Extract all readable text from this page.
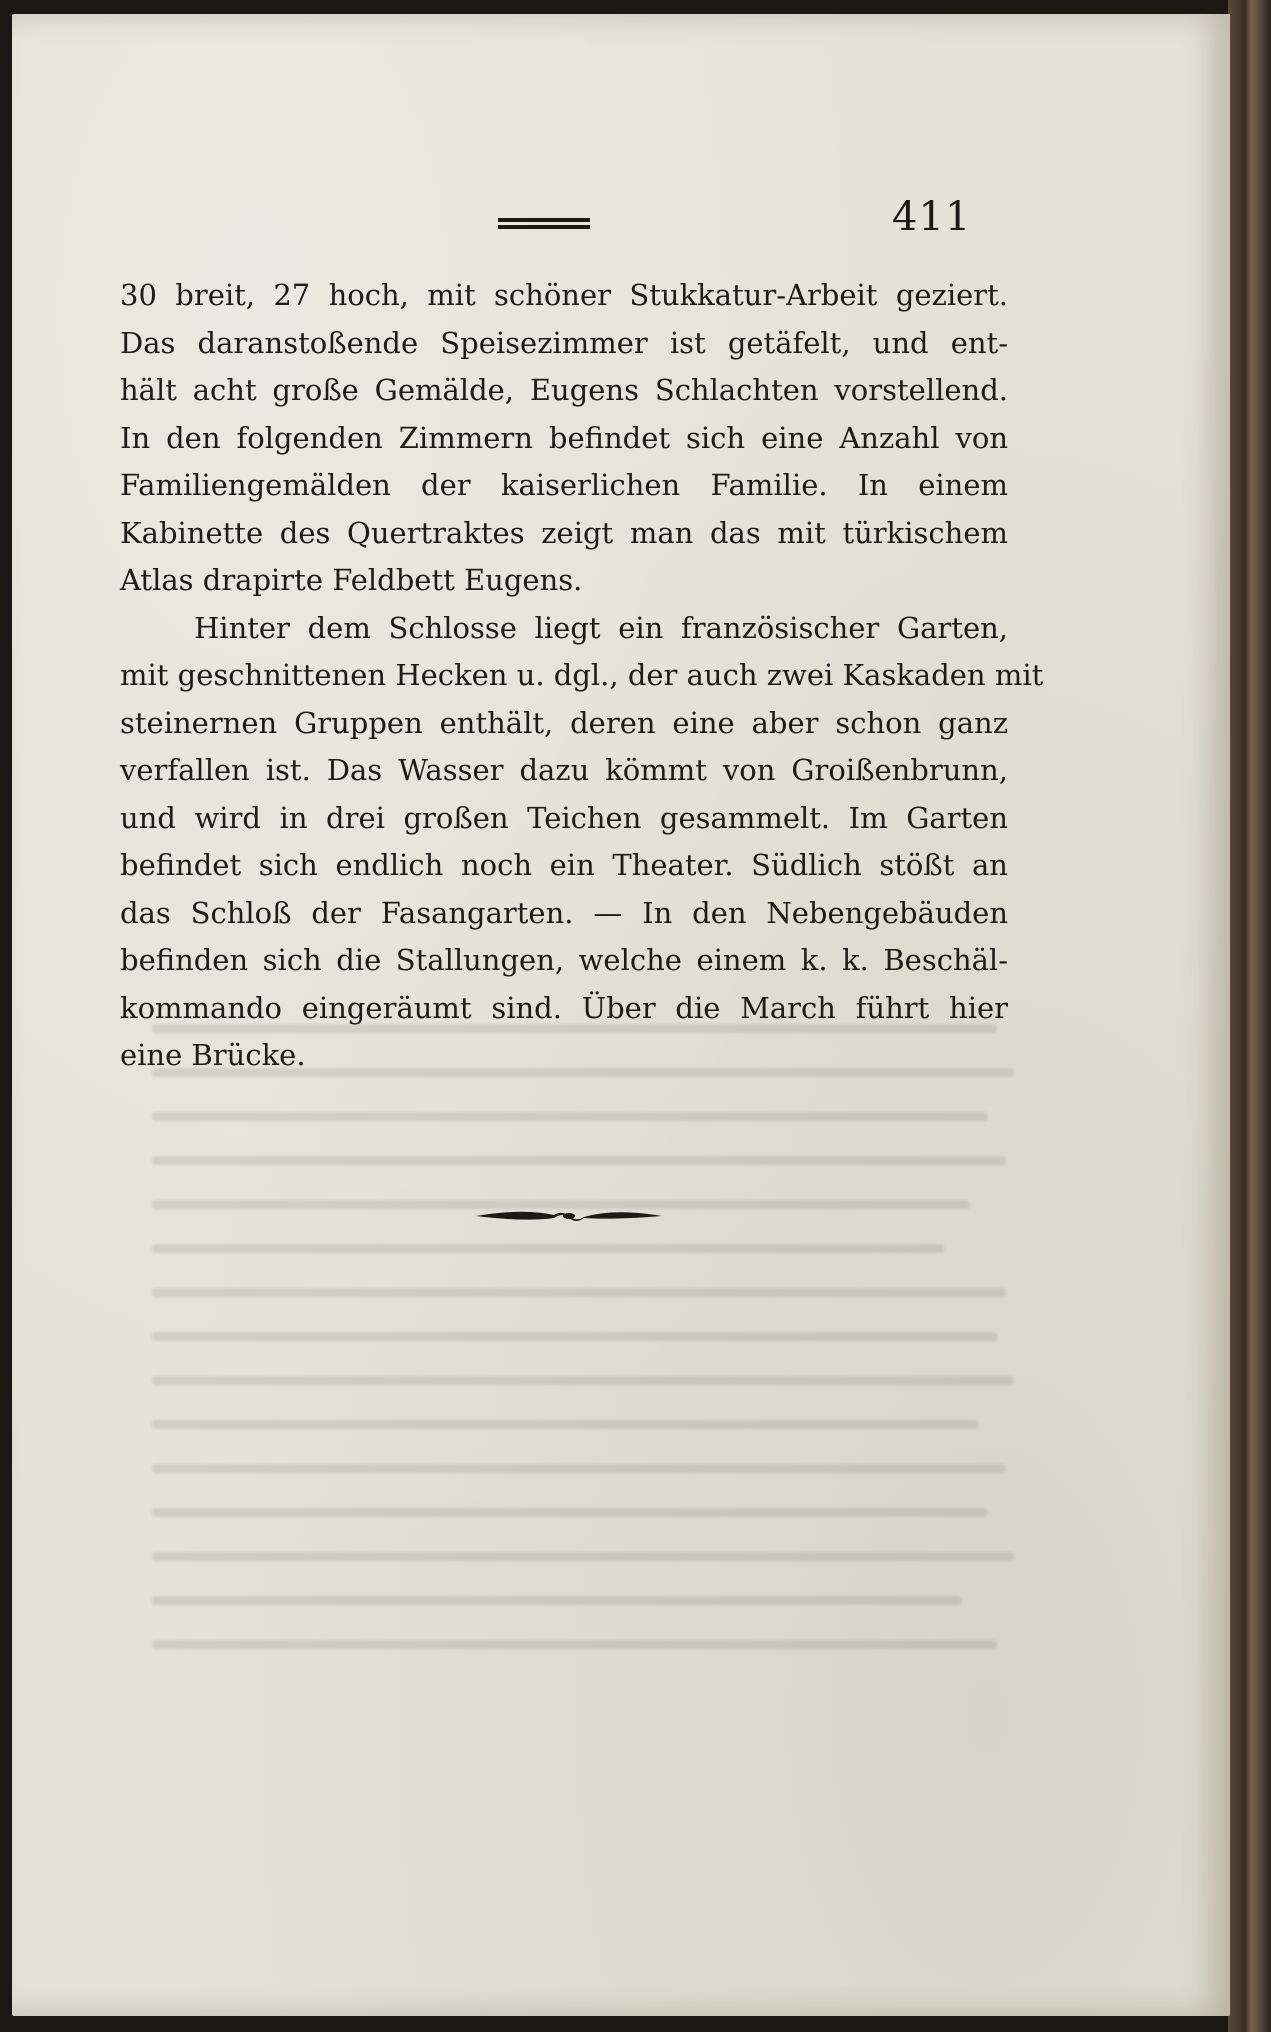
411

30 breit, 27 hoch, mit schöner Stukkatur-Arbeit geziert.
Das daranstoßende Speisezimmer ist getäfelt, und ent-
hält acht große Gemälde, Eugens Schlachten vorstellend.
In den folgenden Zimmern befindet sich eine Anzahl von
Familiengemälden der kaiserlichen Familie. In einem
Kabinette des Quertraktes zeigt man das mit türkischem
Atlas drapirte Feldbett Eugens.

Hinter dem Schlosse liegt ein französischer Garten,
mit geschnittenen Hecken u. dgl., der auch zwei Kaskaden mit
steinernen Gruppen enthält, deren eine aber schon ganz
verfallen ist. Das Wasser dazu kömmt von Groißenbrunn,
und wird in drei großen Teichen gesammelt. Im Garten
befindet sich endlich noch ein Theater. Südlich stößt an
das Schloß der Fasangarten. — In den Nebengebäuden
befinden sich die Stallungen, welche einem k. k. Beschäl-
kommando eingeräumt sind. Über die March führt hier
eine Brücke.
